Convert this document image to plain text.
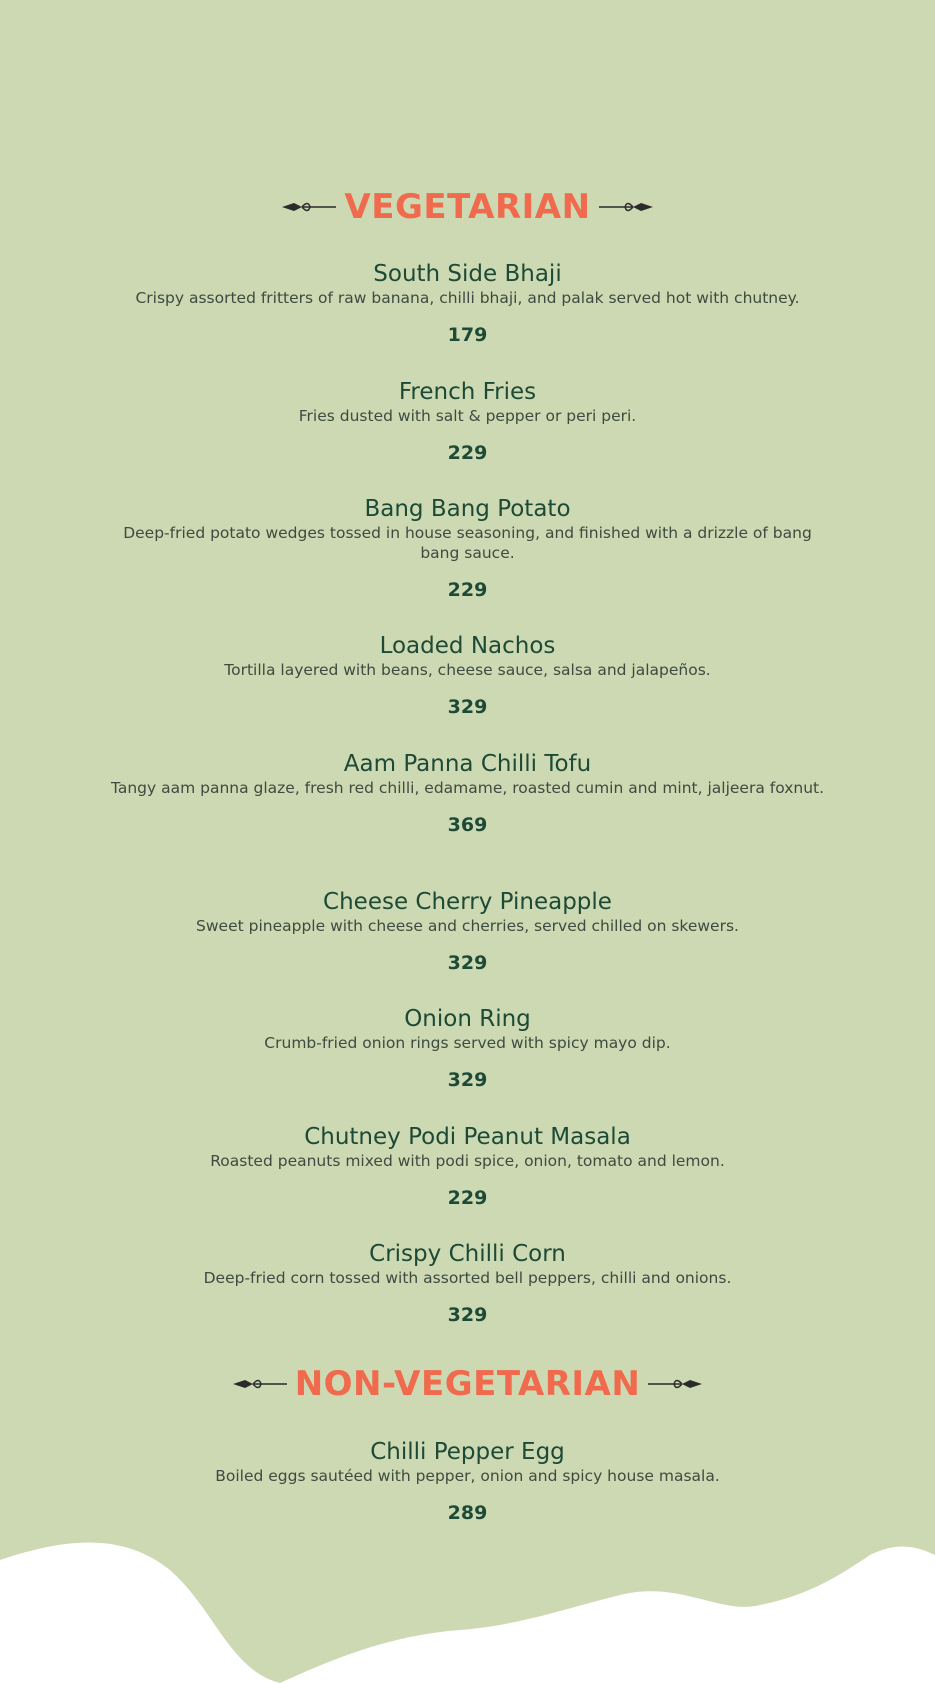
VEGETARIAN
South Side Bhaji
Crispy assorted fritters of raw banana, chilli bhaji, and palak served hot with chutney.
179
French Fries
Fries dusted with salt & pepper or peri peri.
229
Bang Bang Potato
Deep-fried potato wedges tossed in house seasoning, and finished with a drizzle of bang bang sauce.
229
Loaded Nachos
Tortilla layered with beans, cheese sauce, salsa and jalapeños.
329
Aam Panna Chilli Tofu
Tangy aam panna glaze, fresh red chilli, edamame, roasted cumin and mint, jaljeera foxnut.
369
Cheese Cherry Pineapple
Sweet pineapple with cheese and cherries, served chilled on skewers.
329
Onion Ring
Crumb-fried onion rings served with spicy mayo dip.
329
Chutney Podi Peanut Masala
Roasted peanuts mixed with podi spice, onion, tomato and lemon.
229
Crispy Chilli Corn
Deep-fried corn tossed with assorted bell peppers, chilli and onions.
329
NON-VEGETARIAN
Chilli Pepper Egg
Boiled eggs sautéed with pepper, onion and spicy house masala.
289
